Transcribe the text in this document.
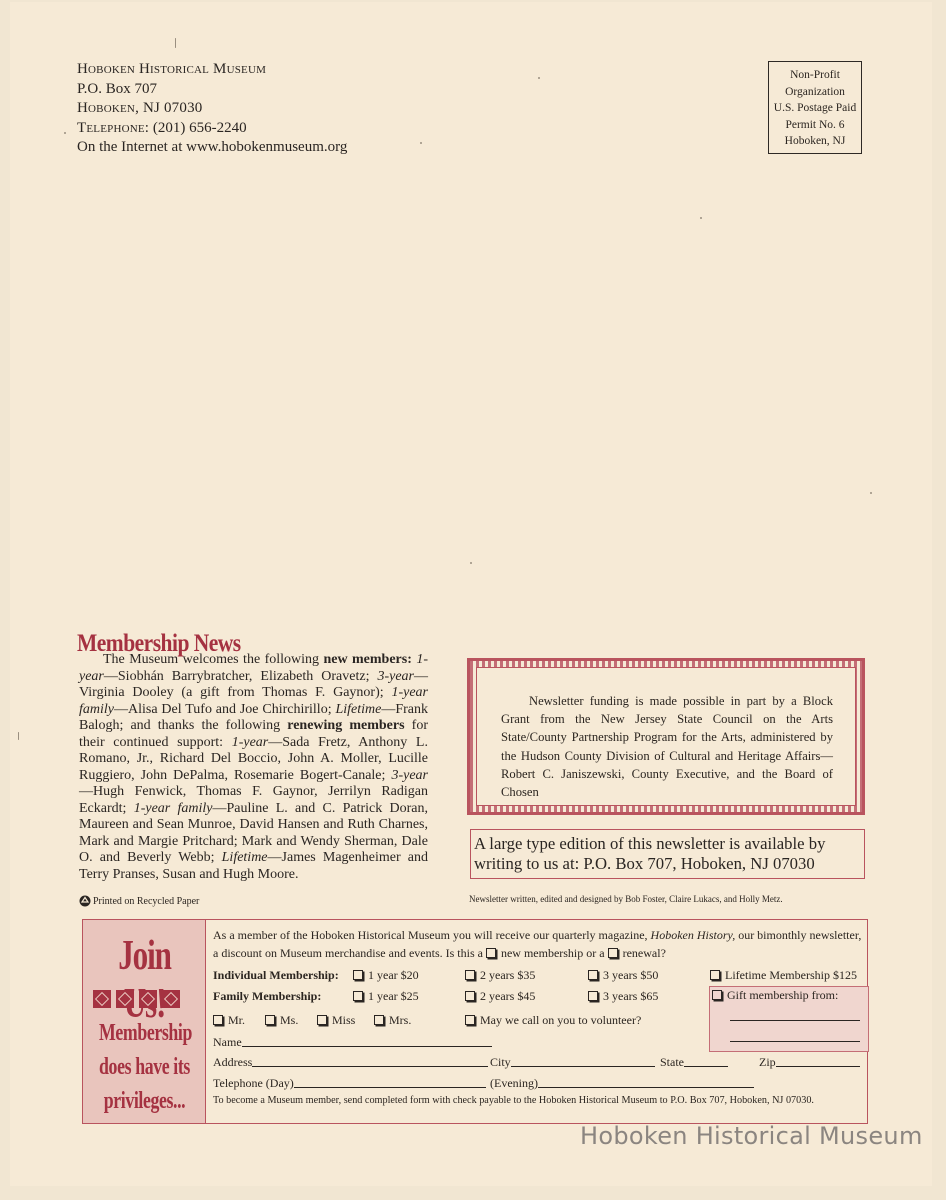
Hoboken Historical Museum
P.O. Box 707
Hoboken, NJ 07030
Telephone: (201) 656-2240
On the Internet at www.hobokenmuseum.org
Non-Profit
Organization
U.S. Postage Paid
Permit No. 6
Hoboken, NJ
Membership News
The Museum welcomes the following new members: 1-year—Siobhán Barrybratcher, Elizabeth Oravetz; 3-year—Virginia Dooley (a gift from Thomas F. Gaynor); 1-year family—Alisa Del Tufo and Joe Chirchirillo; Lifetime—Frank Balogh; and thanks the following renewing members for their continued support: 1-year—Sada Fretz, Anthony L. Romano, Jr., Richard Del Boccio, John A. Moller, Lucille Ruggiero, John DePalma, Rosemarie Bogert-Canale; 3-year—Hugh Fenwick, Thomas F. Gaynor, Jerrilyn Radigan Eckardt; 1-year family—Pauline L. and C. Patrick Doran, Maureen and Sean Munroe, David Hansen and Ruth Charnes, Mark and Margie Pritchard; Mark and Wendy Sherman, Dale O. and Beverly Webb; Lifetime—James Magenheimer and Terry Pranses, Susan and Hugh Moore.
Printed on Recycled Paper
Newsletter funding is made possible in part by a Block Grant from the New Jersey State Council on the Arts State/County Partnership Program for the Arts, administered by the Hudson County Division of Cultural and Heritage Affairs—Robert C. Janiszewski, County Executive, and the Board of Chosen
A large type edition of this newsletter is available by writing to us at: P.O. Box 707, Hoboken, NJ 07030
Newsletter written, edited and designed by Bob Foster, Claire Lukacs, and Holly Metz.
Join
Membership
does have its
privileges...
As a member of the Hoboken Historical Museum you will receive our quarterly magazine, Hoboken History, our bimonthly newsletter, a discount on Museum merchandise and events. Is this a new membership or a renewal?
Individual Membership:	1 year $20	2 years $35	3 years $50	Lifetime Membership $125
Family Membership:	1 year $25	2 years $45	3 years $65	Gift membership from:
Mr.	Ms.	Miss	Mrs.	May we call on you to volunteer?
Name
Address	City	State	Zip
Telephone (Day)	(Evening)
To become a Museum member, send completed form with check payable to the Hoboken Historical Museum to P.O. Box 707, Hoboken, NJ 07030.
Hoboken Historical Museum
